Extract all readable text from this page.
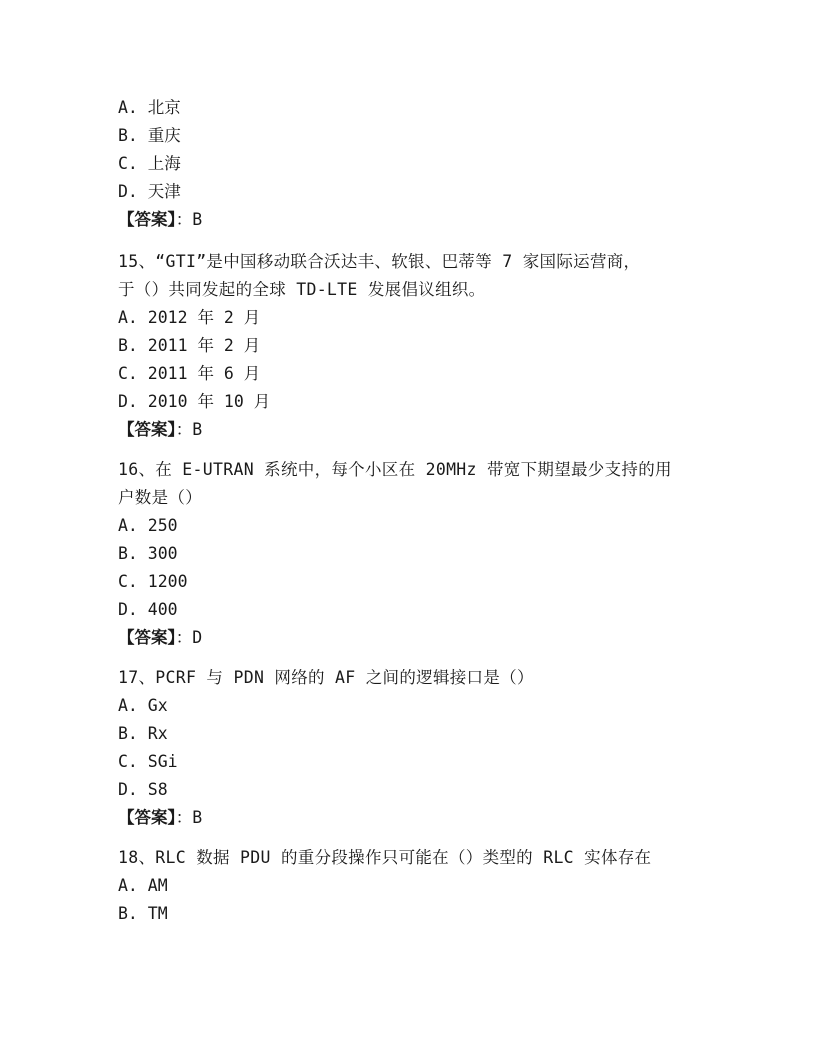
A. 北京
B. 重庆
C. 上海
D. 天津
【答案】：B
15、“GTI”是中国移动联合沃达丰、软银、巴蒂等 7 家国际运营商，
于（）共同发起的全球 TD-LTE 发展倡议组织。
A. 2012 年 2 月
B. 2011 年 2 月
C. 2011 年 6 月
D. 2010 年 10 月
【答案】：B
16、在 E-UTRAN 系统中，每个小区在 20MHz 带宽下期望最少支持的用
户数是（）
A. 250
B. 300
C. 1200
D. 400
【答案】：D
17、PCRF 与 PDN 网络的 AF 之间的逻辑接口是（）
A. Gx
B. Rx
C. SGi
D. S8
【答案】：B
18、RLC 数据 PDU 的重分段操作只可能在（）类型的 RLC 实体存在
A. AM
B. TM
